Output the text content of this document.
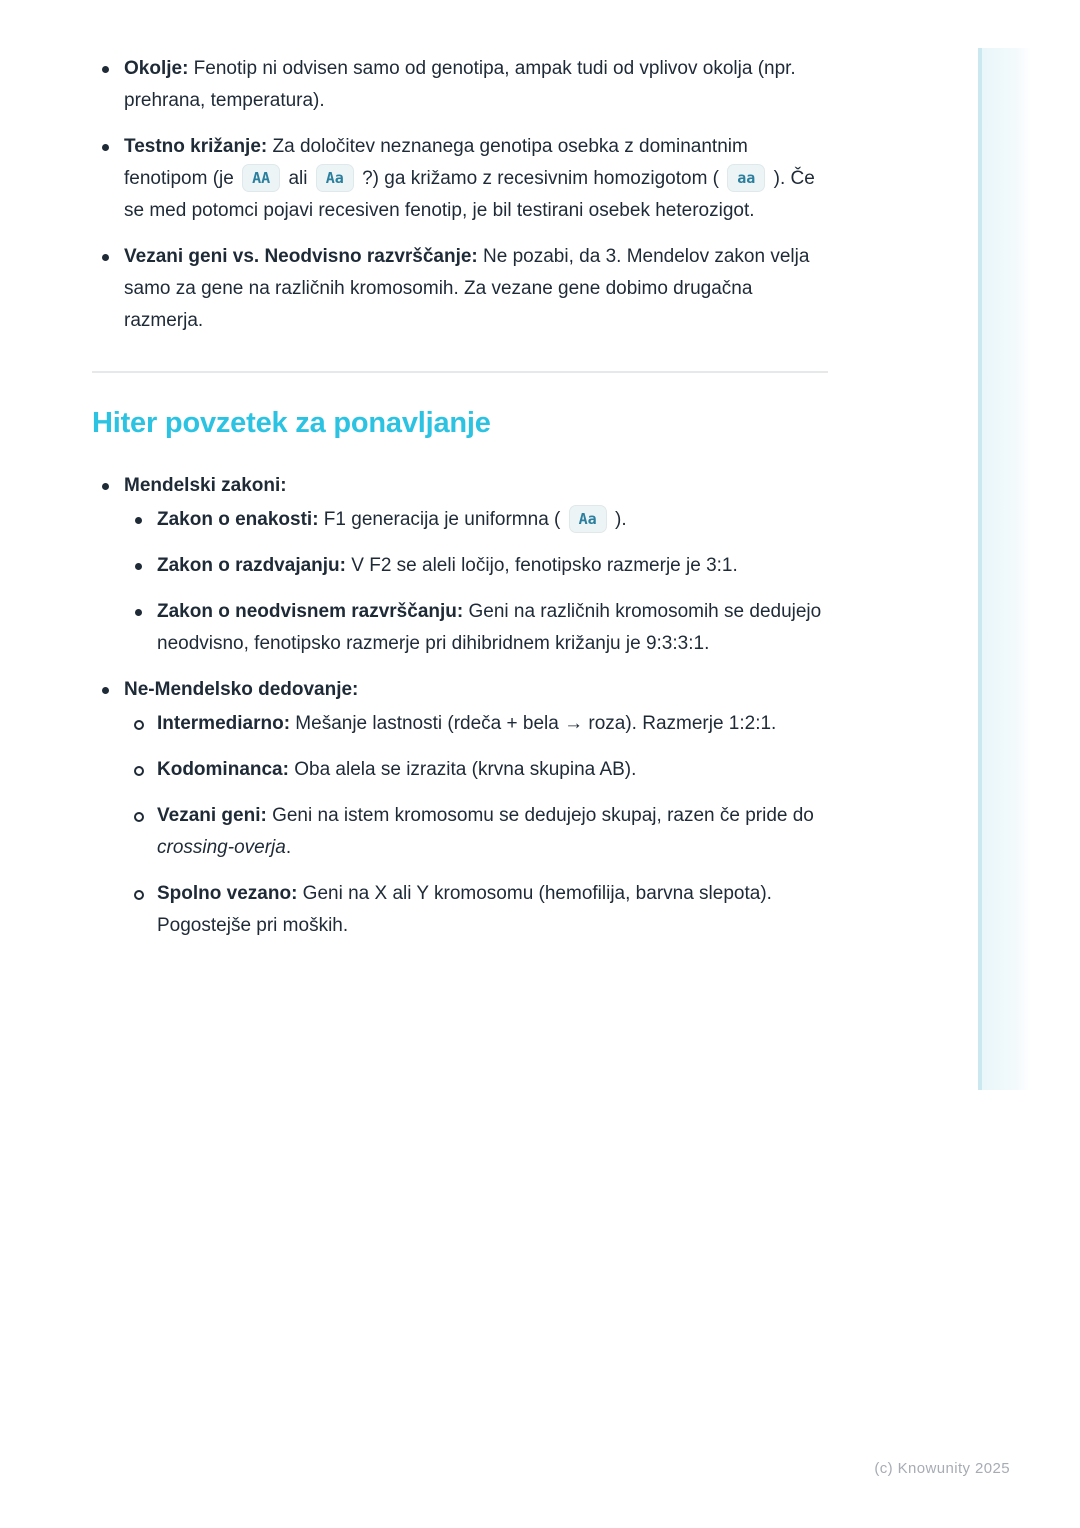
Okolje: Fenotip ni odvisen samo od genotipa, ampak tudi od vplivov okolja (npr. prehrana, temperatura).
Testno križanje: Za določitev neznanega genotipa osebka z dominantnim fenotipom (je AA ali Aa ?) ga križamo z recesivnim homozigotom ( aa ). Če se med potomci pojavi recesiven fenotip, je bil testirani osebek heterozigot.
Vezani geni vs. Neodvisno razvrščanje: Ne pozabi, da 3. Mendelov zakon velja samo za gene na različnih kromosomih. Za vezane gene dobimo drugačna razmerja.
Hiter povzetek za ponavljanje
Mendelski zakoni:
Zakon o enakosti: F1 generacija je uniformna ( Aa ).
Zakon o razdvajanju: V F2 se aleli ločijo, fenotipsko razmerje je 3:1.
Zakon o neodvisnem razvrščanju: Geni na različnih kromosomih se dedujejo neodvisno, fenotipsko razmerje pri dihibridnem križanju je 9:3:3:1.
Ne-Mendelsko dedovanje:
Intermediarno: Mešanje lastnosti (rdeča + bela → roza). Razmerje 1:2:1.
Kodominanca: Oba alela se izrazita (krvna skupina AB).
Vezani geni: Geni na istem kromosomu se dedujejo skupaj, razen če pride do crossing-overja.
Spolno vezano: Geni na X ali Y kromosomu (hemofilija, barvna slepota). Pogostejše pri moških.
(c) Knowunity 2025
